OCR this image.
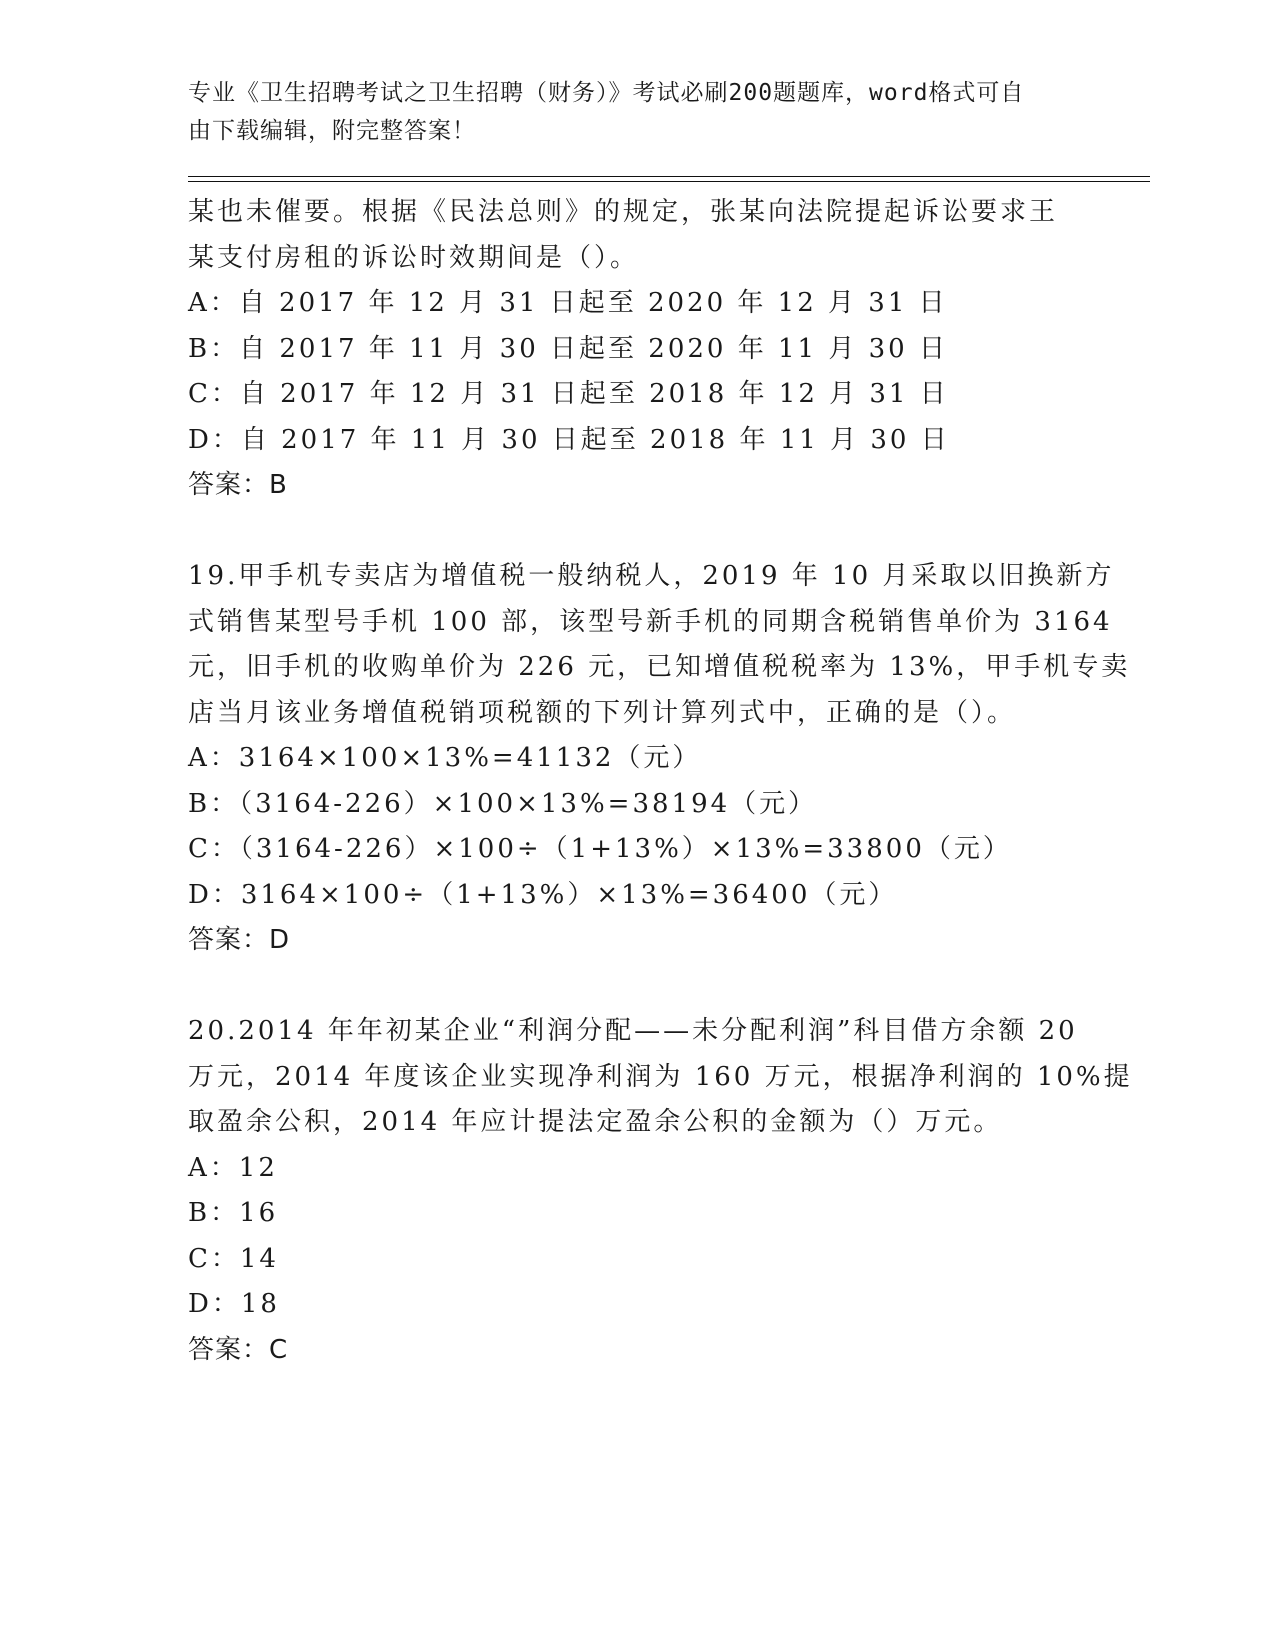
专业《卫生招聘考试之卫生招聘（财务）》考试必刷200题题库，word格式可自
由下载编辑，附完整答案！
某也未催要。根据《民法总则》的规定，张某向法院提起诉讼要求王
某支付房租的诉讼时效期间是（）。
A：自 2017 年 12 月 31 日起至 2020 年 12 月 31 日
B：自 2017 年 11 月 30 日起至 2020 年 11 月 30 日
C：自 2017 年 12 月 31 日起至 2018 年 12 月 31 日
D：自 2017 年 11 月 30 日起至 2018 年 11 月 30 日
答案：B
19.甲手机专卖店为增值税一般纳税人，2019 年 10 月采取以旧换新方
式销售某型号手机 100 部，该型号新手机的同期含税销售单价为 3164
元，旧手机的收购单价为 226 元，已知增值税税率为 13%，甲手机专卖
店当月该业务增值税销项税额的下列计算列式中，正确的是（）。
A：3164×100×13%=41132（元）
B：（3164-226）×100×13%=38194（元）
C：（3164-226）×100÷（1+13%）×13%=33800（元）
D：3164×100÷（1+13%）×13%=36400（元）
答案：D
20.2014 年年初某企业“利润分配——未分配利润”科目借方余额 20
万元，2014 年度该企业实现净利润为 160 万元，根据净利润的 10%提
取盈余公积，2014 年应计提法定盈余公积的金额为（）万元。
A：12
B：16
C：14
D：18
答案：C
